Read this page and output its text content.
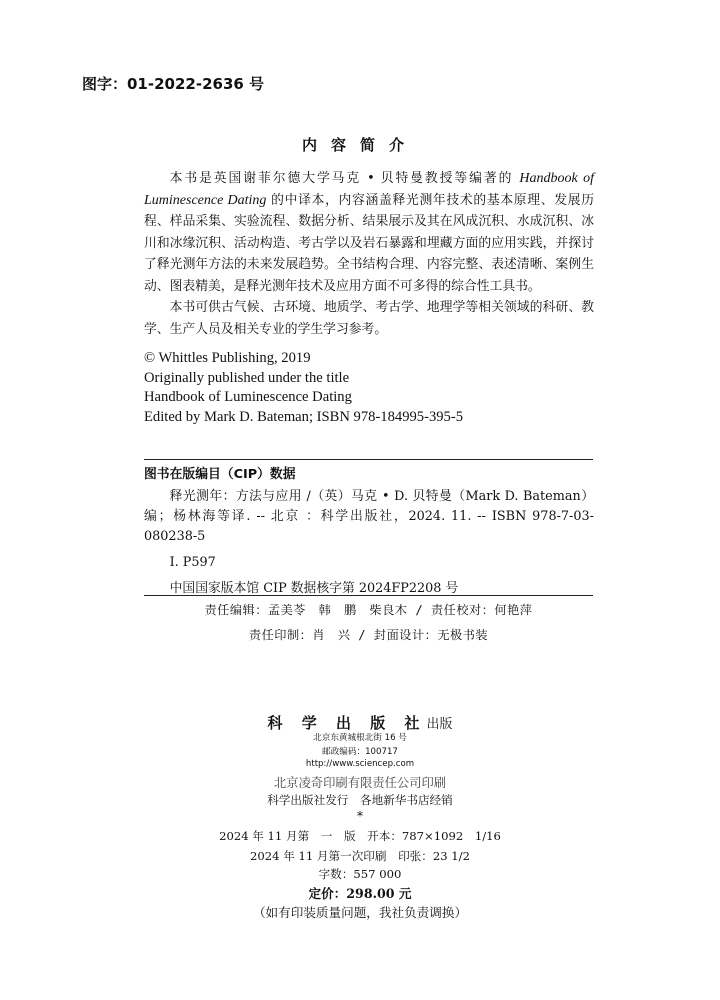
图字：01-2022-2636 号
内容简介

本书是英国谢菲尔德大学马克 • 贝特曼教授等编著的 Handbook of Luminescence Dating 的中译本，内容涵盖释光测年技术的基本原理、发展历程、样品采集、实验流程、数据分析、结果展示及其在风成沉积、水成沉积、冰川和冰缘沉积、活动构造、考古学以及岩石暴露和埋藏方面的应用实践，并探讨了释光测年方法的未来发展趋势。全书结构合理、内容完整、表述清晰、案例生动、图表精美，是释光测年技术及应用方面不可多得的综合性工具书。

本书可供古气候、古环境、地质学、考古学、地理学等相关领域的科研、教学、生产人员及相关专业的学生学习参考。

© Whittles Publishing, 2019
Originally published under the title
Handbook of Luminescence Dating
Edited by Mark D. Bateman; ISBN 978-184995-395-5
图书在版编目（CIP）数据
释光测年：方法与应用 /（英）马克 • D. 贝特曼（Mark D. Bateman）编；杨林海等译. -- 北京 ：科学出版社，2024. 11. -- ISBN 978-7-03-080238-5
Ⅰ. P597
中国国家版本馆 CIP 数据核字第 2024FP2208 号
责任编辑：孟美苓　韩　鹏　柴良木 / 责任校对：何艳萍
责任印制：肖　兴 / 封面设计：无极书装
科 学 出 版 社出版
北京东黄城根北街 16 号
邮政编码：100717
http://www.sciencep.com
北京凌奇印刷有限责任公司印刷
科学出版社发行　各地新华书店经销
*
2024 年 11 月第　一　版　开本：787×1092　1/16
2024 年 11 月第一次印刷　印张：23 1/2
字数：557 000
定价：298.00 元
（如有印装质量问题，我社负责调换）
